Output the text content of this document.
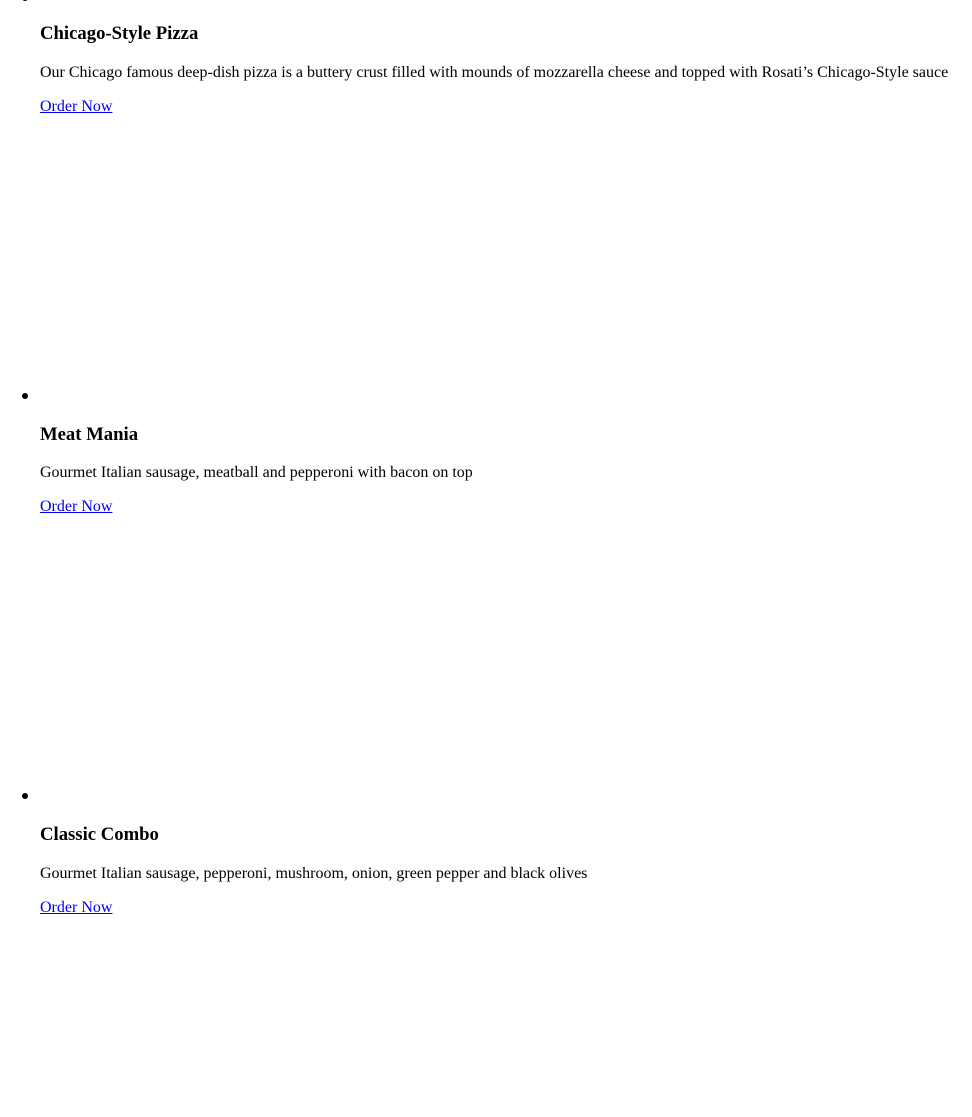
Chicago-Style Pizza

Our Chicago famous deep-dish pizza is a buttery crust filled with mounds of mozzarella cheese and topped with Rosati’s Chicago-Style sauce

Order Now
Meat Mania

Gourmet Italian sausage, meatball and pepperoni with bacon on top

Order Now
Classic Combo

Gourmet Italian sausage, pepperoni, mushroom, onion, green pepper and black olives

Order Now
